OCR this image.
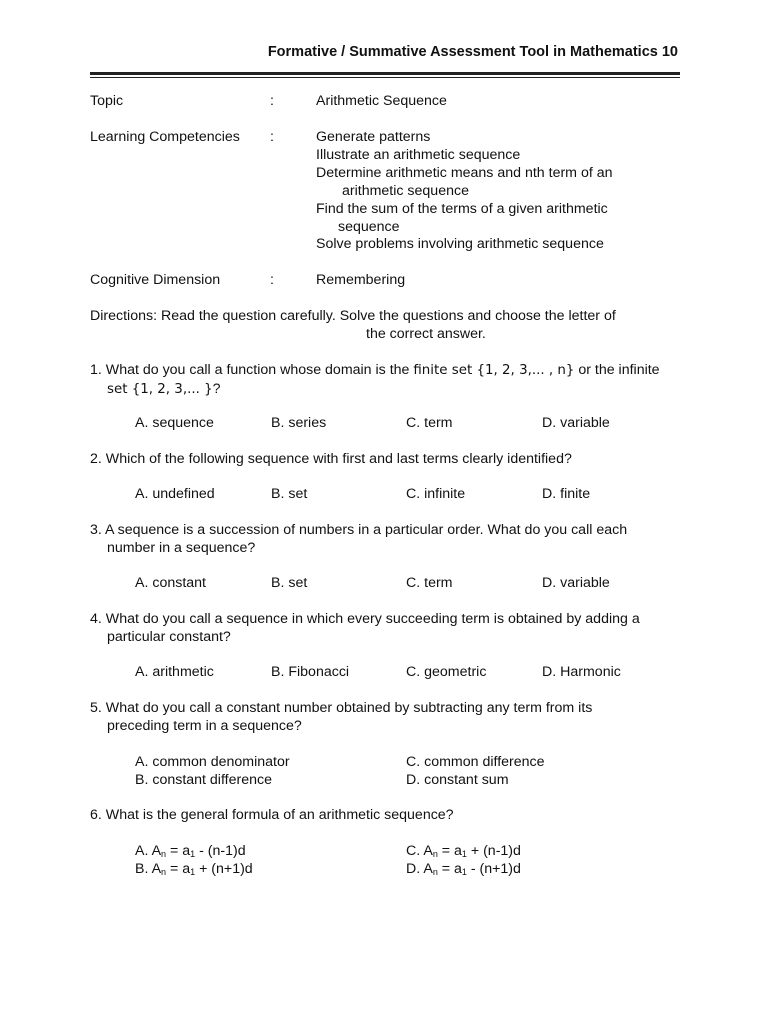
Formative / Summative Assessment Tool in Mathematics 10
Topic	:	Arithmetic Sequence
Learning Competencies :	Generate patterns
Illustrate an arithmetic sequence
Determine arithmetic means and nth term of an
arithmetic sequence
Find the sum of the terms of a given arithmetic
sequence
Solve problems involving arithmetic sequence
Cognitive Dimension	:	Remembering
Directions: Read the question carefully. Solve the questions and choose the letter of
the correct answer.
1. What do you call a function whose domain is the finite set {1, 2, 3,... , n} or the infinite
set {1, 2, 3,... }?
A. sequence	B. series	C. term	D. variable
2. Which of the following sequence with first and last terms clearly identified?
A. undefined	B. set	C. infinite	D. finite
3. A sequence is a succession of numbers in a particular order. What do you call each
number in a sequence?
A. constant	B. set	C. term	D. variable
4. What do you call a sequence in which every succeeding term is obtained by adding a
particular constant?
A. arithmetic	B. Fibonacci	C. geometric	D. Harmonic
5. What do you call a constant number obtained by subtracting any term from its
preceding term in a sequence?
A. common denominator	C. common difference
B. constant difference	D. constant sum
6. What is the general formula of an arithmetic sequence?
A. $A_n = a_1 - (n-1)d$	C. $A_n = a_1 + (n-1)d$
B. $A_n = a_1 + (n+1)d$	D. $A_n = a_1 - (n+1)d$
